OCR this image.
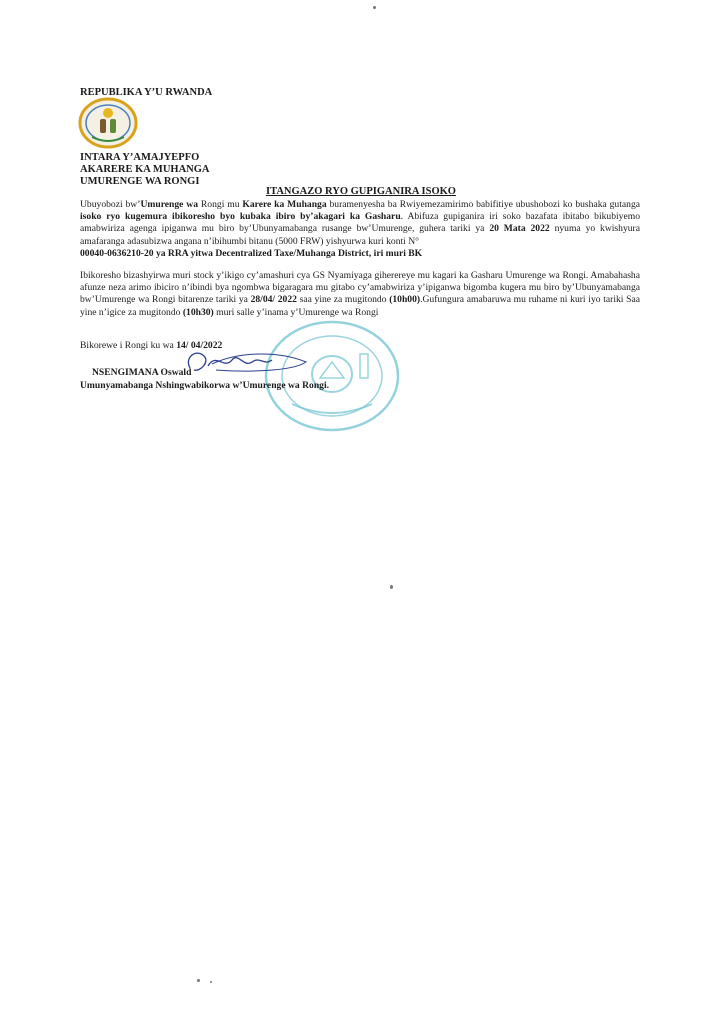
REPUBLIKA Y’U RWANDA
INTARA Y’AMAJYEPFO
AKARERE KA MUHANGA
UMURENGE WA RONGI
ITANGAZO RYO GUPIGANIRA ISOKO
Ubuyobozi bw’Umurenge wa Rongi mu Karere ka Muhanga buramenyesha ba Rwiyemezamirimo babifitiye ubushobozi ko bushaka gutanga isoko ryo kugemura ibikoresho byo kubaka ibiro by’akagari ka Gasharu. Abifuza gupiganira iri soko bazafata ibitabo bikubiyemo amabwiriza agenga ipiganwa mu biro by’Ubunyamabanga rusange bw’Umurenge, guhera tariki ya 20 Mata 2022 nyuma yo kwishyura amafaranga adasubizwa angana n’ibihumbi bitanu (5000 FRW) yishyurwa kuri konti N°
00040-0636210-20 ya RRA yitwa Decentralized Taxe/Muhanga District, iri muri BK
Ibikoresho bizashyirwa muri stock y’ikigo cy’amashuri cya GS Nyamiyaga giherereye mu kagari ka Gasharu Umurenge wa Rongi. Amabahasha afunze neza arimo ibiciro n’ibindi bya ngombwa bigaragara mu gitabo cy’amabwiriza y’ipiganwa bigomba kugera mu biro by’Ubunyamabanga bw’Umurenge wa Rongi bitarenze tariki ya 28/04/ 2022 saa yine za mugitondo (10h00).Gufungura amabaruwa mu ruhame ni kuri iyo tariki Saa yine n’igice za mugitondo (10h30) muri salle y’inama y’Umurenge wa Rongi
Bikorewe i Rongi ku wa 14/ 04/2022
NSENGIMANA Oswald
Umunyamabanga Nshingwabikorwa w’Umurenge wa Rongi.
